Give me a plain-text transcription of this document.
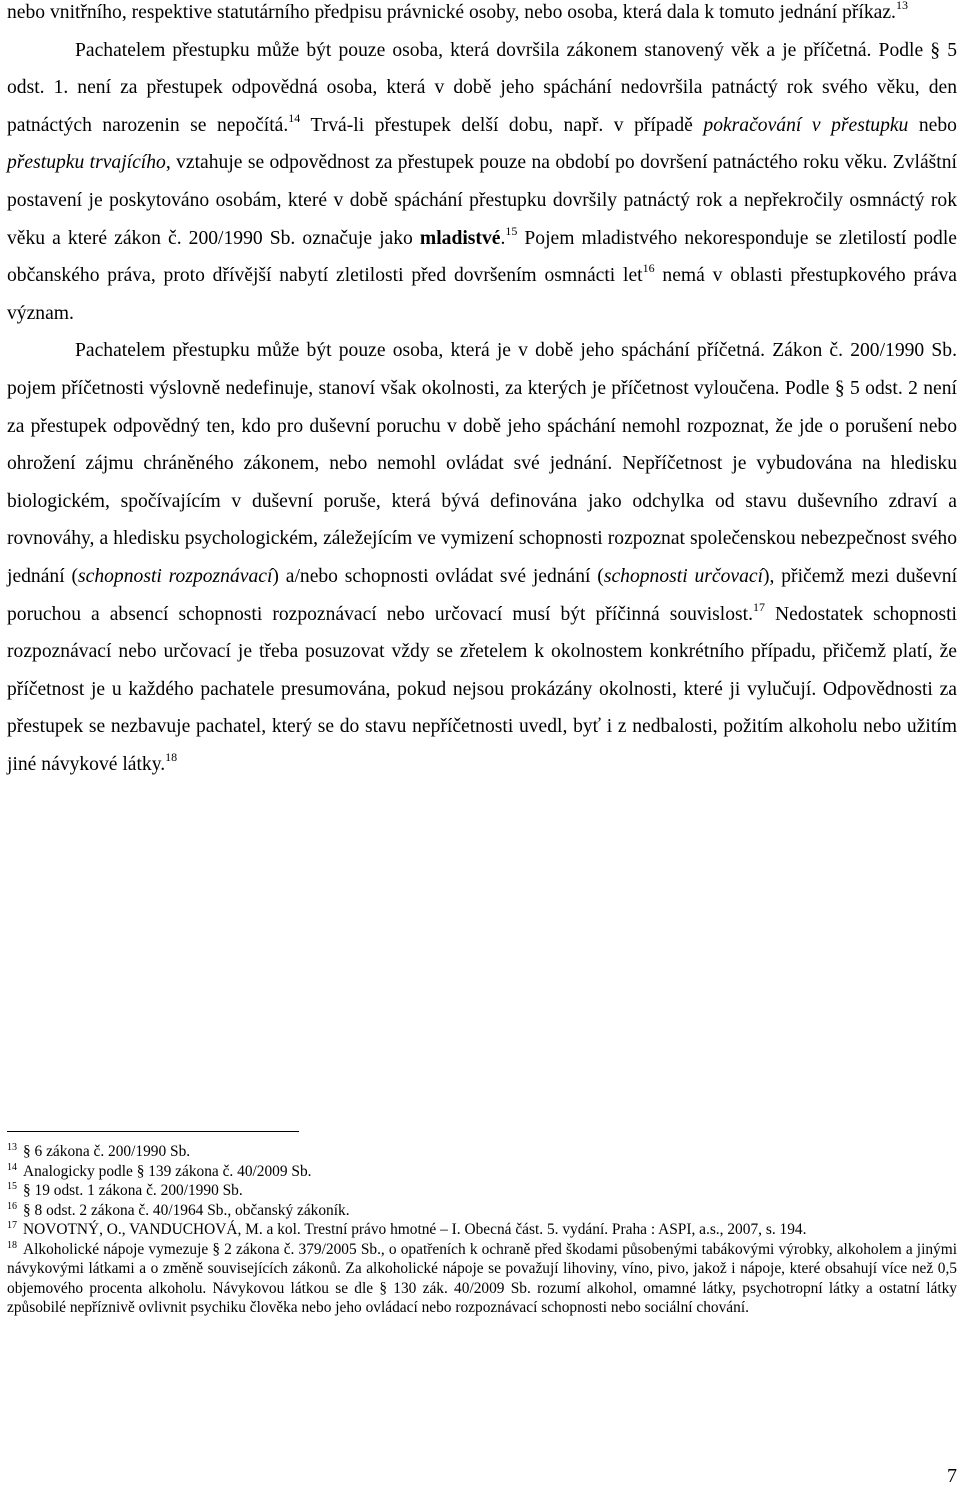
nebo vnitřního, respektive statutárního předpisu právnické osoby, nebo osoba, která dala k tomuto jednání příkaz.$^{13}$

Pachatelem přestupku může být pouze osoba, která dovršila zákonem stanovený věk a je příčetná. Podle § 5 odst. 1. není za přestupek odpovědná osoba, která v době jeho spáchání nedovršila patnáctý rok svého věku, den patnáctých narozenin se nepočítá.$^{14}$ Trvá-li přestupek delší dobu, např. v případě pokračování v přestupku nebo přestupku trvajícího, vztahuje se odpovědnost za přestupek pouze na období po dovršení patnáctého roku věku. Zvláštní postavení je poskytováno osobám, které v době spáchání přestupku dovršily patnáctý rok a nepřekročily osmnáctý rok věku a které zákon č. 200/1990 Sb. označuje jako mladistvé.$^{15}$ Pojem mladistvého nekoresponduje se zletilostí podle občanského práva, proto dřívější nabytí zletilosti před dovršením osmnácti let$^{16}$ nemá v oblasti přestupkového práva význam.

Pachatelem přestupku může být pouze osoba, která je v době jeho spáchání příčetná. Zákon č. 200/1990 Sb. pojem příčetnosti výslovně nedefinuje, stanoví však okolnosti, za kterých je příčetnost vyloučena. Podle § 5 odst. 2 není za přestupek odpovědný ten, kdo pro duševní poruchu v době jeho spáchání nemohl rozpoznat, že jde o porušení nebo ohrožení zájmu chráněného zákonem, nebo nemohl ovládat své jednání. Nepříčetnost je vybudována na hledisku biologickém, spočívajícím v duševní poruše, která bývá definována jako odchylka od stavu duševního zdraví a rovnováhy, a hledisku psychologickém, záležejícím ve vymizení schopnosti rozpoznat společenskou nebezpečnost svého jednání (schopnosti rozpoznávací) a/nebo schopnosti ovládat své jednání (schopnosti určovací), přičemž mezi duševní poruchou a absencí schopnosti rozpoznávací nebo určovací musí být příčinná souvislost.$^{17}$ Nedostatek schopnosti rozpoznávací nebo určovací je třeba posuzovat vždy se zřetelem k okolnostem konkrétního případu, přičemž platí, že příčetnost je u každého pachatele presumována, pokud nejsou prokázány okolnosti, které ji vylučují. Odpovědnosti za přestupek se nezbavuje pachatel, který se do stavu nepříčetnosti uvedl, byť i z nedbalosti, požitím alkoholu nebo užitím jiné návykové látky.$^{18}$

$^{13}$ § 6 zákona č. 200/1990 Sb.
$^{14}$ Analogicky podle § 139 zákona č. 40/2009 Sb.
$^{15}$ § 19 odst. 1 zákona č. 200/1990 Sb.
$^{16}$ § 8 odst. 2 zákona č. 40/1964 Sb., občanský zákoník.
$^{17}$ NOVOTNÝ, O., VANDUCHOVÁ, M. a kol. Trestní právo hmotné – I. Obecná část. 5. vydání. Praha : ASPI, a.s., 2007, s. 194.
$^{18}$ Alkoholické nápoje vymezuje § 2 zákona č. 379/2005 Sb., o opatřeních k ochraně před škodami působenými tabákovými výrobky, alkoholem a jinými návykovými látkami a o změně souvisejících zákonů. Za alkoholické nápoje se považují lihoviny, víno, pivo, jakož i nápoje, které obsahují více než 0,5 objemového procenta alkoholu. Návykovou látkou se dle § 130 zák. 40/2009 Sb. rozumí alkohol, omamné látky, psychotropní látky a ostatní látky způsobilé nepříznivě ovlivnit psychiku člověka nebo jeho ovládací nebo rozpoznávací schopnosti nebo sociální chování.
7
